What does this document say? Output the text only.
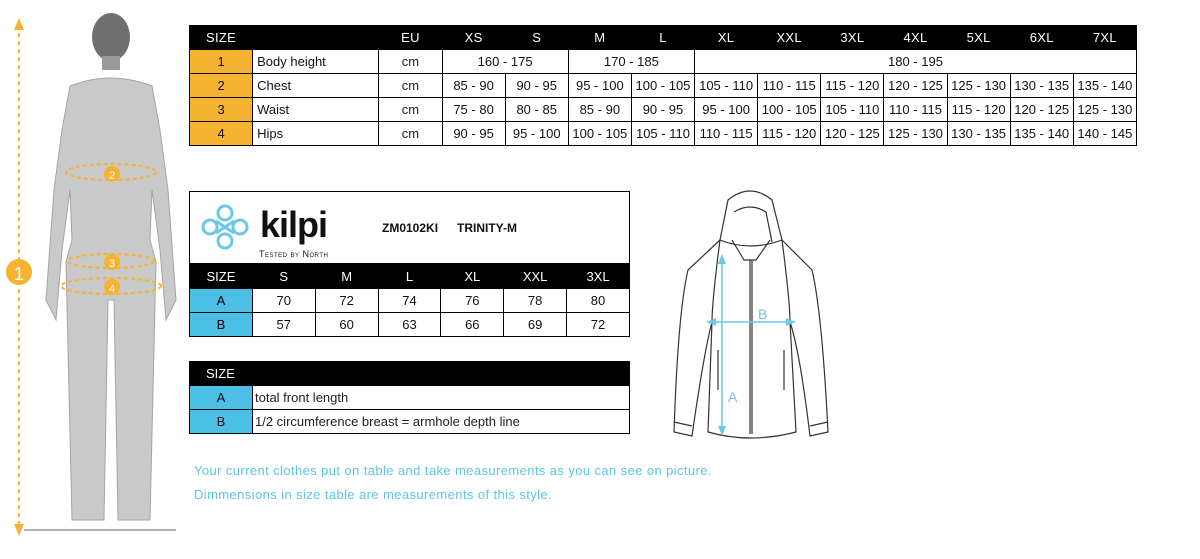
1
2
3
4
SIZE		EU	XS	S	M	L	XL	XXL	3XL	4XL	5XL	6XL	7XL
1	Body height	cm	160 - 175		170 - 185		180 - 195						
2	Chest	cm	85 - 90	90 - 95	95 - 100	100 - 105	105 - 110	110 - 115	115 - 120	120 - 125	125 - 130	130 - 135	135 - 140
3	Waist	cm	75 - 80	80 - 85	85 - 90	90 - 95	95 - 100	100 - 105	105 - 110	110 - 115	115 - 120	120 - 125	125 - 130
4	Hips	cm	90 - 95	95 - 100	100 - 105	105 - 110	110 - 115	115 - 120	120 - 125	125 - 130	130 - 135	135 - 140	140 - 145
kilpi
Tested by North
ZM0102KI TRINITY-M
SIZE	S	M	L	XL	XXL	3XL
A	70	72	74	76	78	80
B	57	60	63	66	69	72
SIZE	
A	total front length
B	1/2 circumference breast = armhole depth line
A
B
Your current clothes put on table and take measurements as you can see on picture.
Dimmensions in size table are measurements of this style.
